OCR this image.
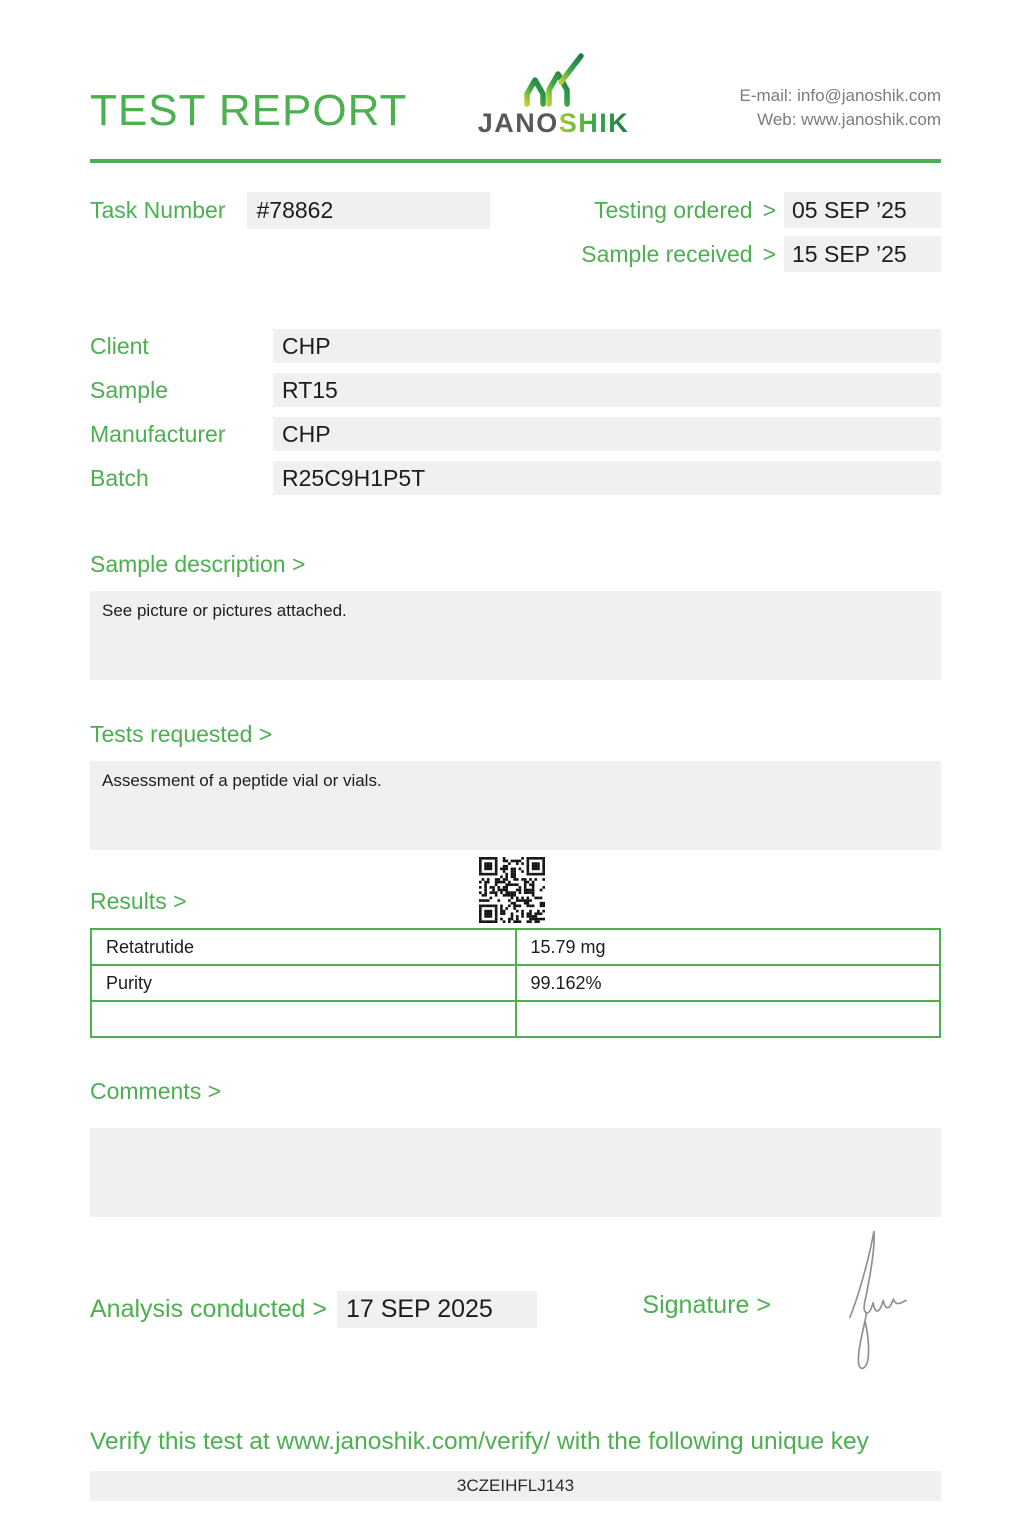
TEST REPORT	JANOSHIK
E-mail: info@janoshik.com
Web: www.janoshik.com
Task Number	#78862	Testing ordered > 05 SEP ’25
Sample received > 15 SEP ’25
Client	CHP
Sample	RT15
Manufacturer	CHP
Batch	R25C9H1P5T
Sample description >
See picture or pictures attached.
Tests requested >
Assessment of a peptide vial or vials.
Results >
Retatrutide	15.79 mg
Purity	99.162%

Comments >
Analysis conducted > 17 SEP 2025	Signature >
Verify this test at www.janoshik.com/verify/ with the following unique key
3CZEIHFLJ143
